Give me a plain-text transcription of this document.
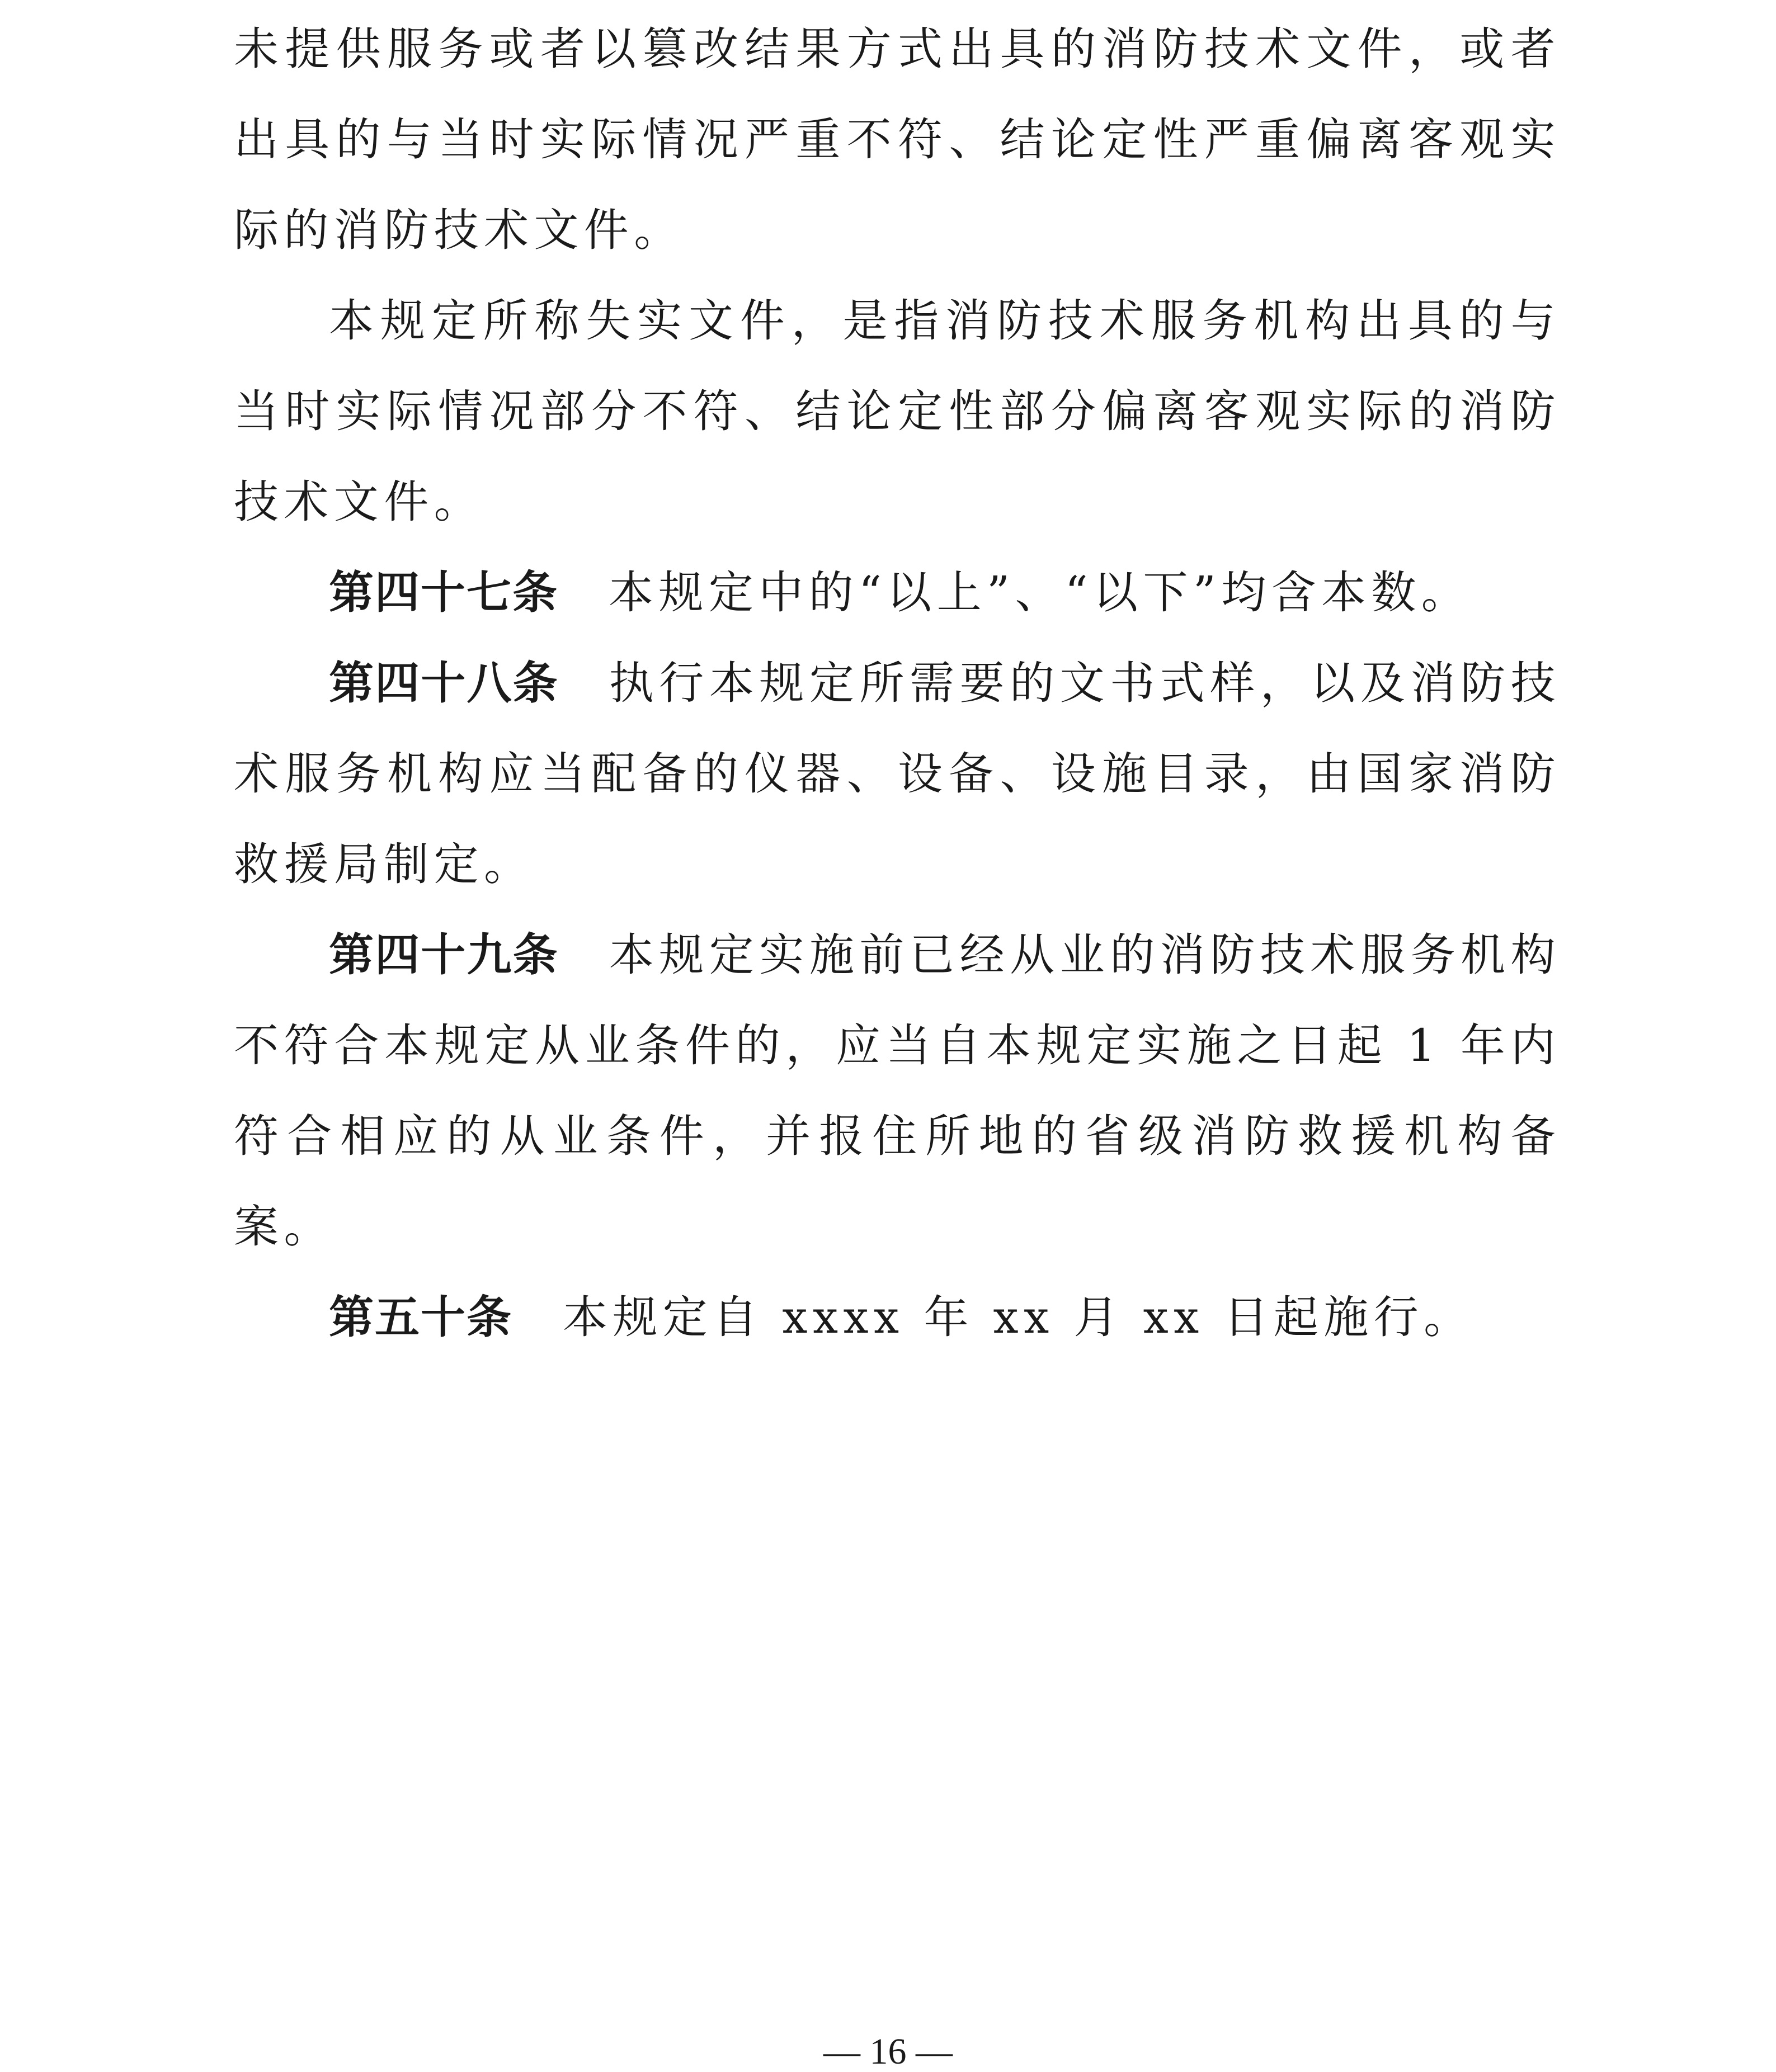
未提供服务或者以篡改结果方式出具的消防技术文件，或者出具的与当时实际情况严重不符、结论定性严重偏离客观实际的消防技术文件。

本规定所称失实文件，是指消防技术服务机构出具的与当时实际情况部分不符、结论定性部分偏离客观实际的消防技术文件。

第四十七条 本规定中的“以上”、“以下”均含本数。

第四十八条 执行本规定所需要的文书式样，以及消防技术服务机构应当配备的仪器、设备、设施目录，由国家消防救援局制定。

第四十九条 本规定实施前已经从业的消防技术服务机构不符合本规定从业条件的，应当自本规定实施之日起 1 年内符合相应的从业条件，并报住所地的省级消防救援机构备案。

第五十条 本规定自 xxxx 年 xx 月 xx 日起施行。

— 16 —
